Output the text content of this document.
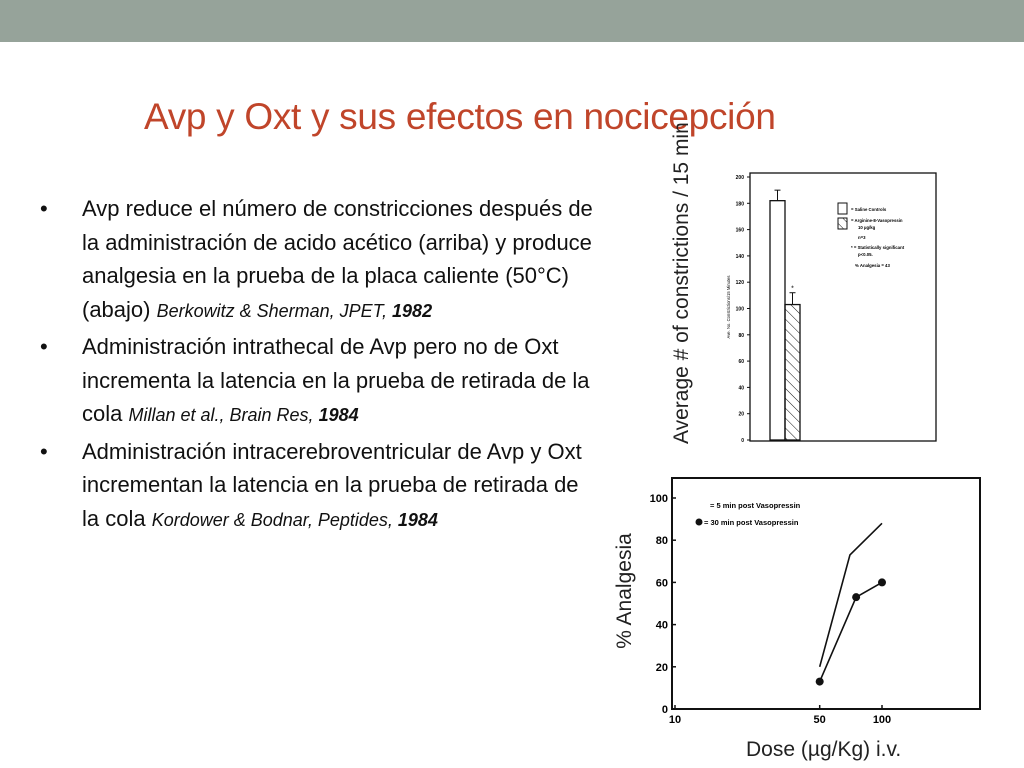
Avp y Oxt y sus efectos en nocicepción
• Avp reduce el número de constricciones después de la administración de acido acético (arriba) y produce analgesia en la prueba de la placa caliente (50°C) (abajo) Berkowitz & Sherman, JPET, 1982
• Administración intrathecal de Avp pero no de Oxt incrementa la latencia en la prueba de retirada de la cola Millan et al., Brain Res, 1984
• Administración intracerebroventricular de Avp y Oxt incrementan la latencia en la prueba de retirada de la cola Kordower & Bodnar, Peptides, 1984
Average # of constrictions / 15 min
% Analgesia
Dose (µg/Kg) i.v.
0
20
40
60
80
100
120
140
160
180
200
Ave. No. Constrictions/15 Minutes	*
= Saline Controls
= Arginine-8-Vasopressin
10 µg/kg
n=3
* = Statistically significant
p<0.05.
% Analgesia = 43
0
20
40
60
80
100
10	50	100
= 5 min post Vasopressin
= 30 min post Vasopressin
